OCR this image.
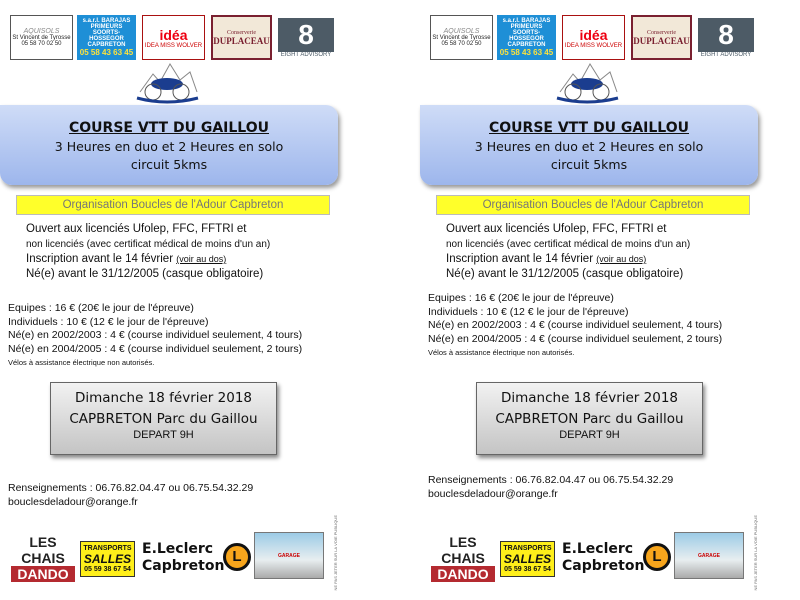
AQUISOLS
St Vincent de Tyrosse
05 58 70 02 50
s.a.r.l. BARAJAS PRIMEURS
SOORTS-HOSSEGOR
CAPBRETON
05 58 43 63 45
idéa
IDEA MISS WOLVER
Conserverie
DUPLACEAU	8
EIGHT ADVISORY
COURSE VTT DU GAILLOU
3 Heures en duo et 2 Heures en solo
circuit 5kms
Organisation Boucles de l'Adour Capbreton
Ouvert aux licenciés Ufolep, FFC, FFTRI et
non licenciés (avec certificat médical de moins d'un an)
Inscription avant le 14 février (voir au dos)
Né(e) avant le 31/12/2005 (casque obligatoire)
Equipes : 16 € (20€ le jour de l'épreuve)
Individuels : 10 € (12 € le jour de l'épreuve)
Né(e) en 2002/2003 : 4 € (course individuel seulement, 4 tours)
Né(e) en 2004/2005 : 4 € (course individuel seulement, 2 tours)
Vélos à assistance électrique non autorisés.
Dimanche 18 février 2018
CAPBRETON Parc du Gaillou
DEPART 9H
Renseignements : 06.76.82.04.47 ou 06.75.54.32.29
bouclesdeladour@orange.fr
NE PAS JETER SUR LA VOIE PUBLIQUE
LES CHAIS
DANDO
TRANSPORTS
SALLES
05 59 38 67 54
E.Leclerc
Capbreton
L	GARAGE
AQUISOLS
St Vincent de Tyrosse
05 58 70 02 50
s.a.r.l. BARAJAS PRIMEURS
SOORTS-HOSSEGOR
CAPBRETON
05 58 43 63 45
idéa
IDEA MISS WOLVER
Conserverie
DUPLACEAU	8
EIGHT ADVISORY
COURSE VTT DU GAILLOU
3 Heures en duo et 2 Heures en solo
circuit 5kms
Organisation Boucles de l'Adour Capbreton
Ouvert aux licenciés Ufolep, FFC, FFTRI et
non licenciés (avec certificat médical de moins d'un an)
Inscription avant le 14 février (voir au dos)
Né(e) avant le 31/12/2005 (casque obligatoire)
Equipes : 16 € (20€ le jour de l'épreuve)
Individuels : 10 € (12 € le jour de l'épreuve)
Né(e) en 2002/2003 : 4 € (course individuel seulement, 4 tours)
Né(e) en 2004/2005 : 4 € (course individuel seulement, 2 tours)
Vélos à assistance électrique non autorisés.
Dimanche 18 février 2018
CAPBRETON Parc du Gaillou
DEPART 9H
Renseignements : 06.76.82.04.47 ou 06.75.54.32.29
bouclesdeladour@orange.fr
NE PAS JETER SUR LA VOIE PUBLIQUE
LES CHAIS
DANDO
TRANSPORTS
SALLES
05 59 38 67 54
E.Leclerc
Capbreton
L	GARAGE
